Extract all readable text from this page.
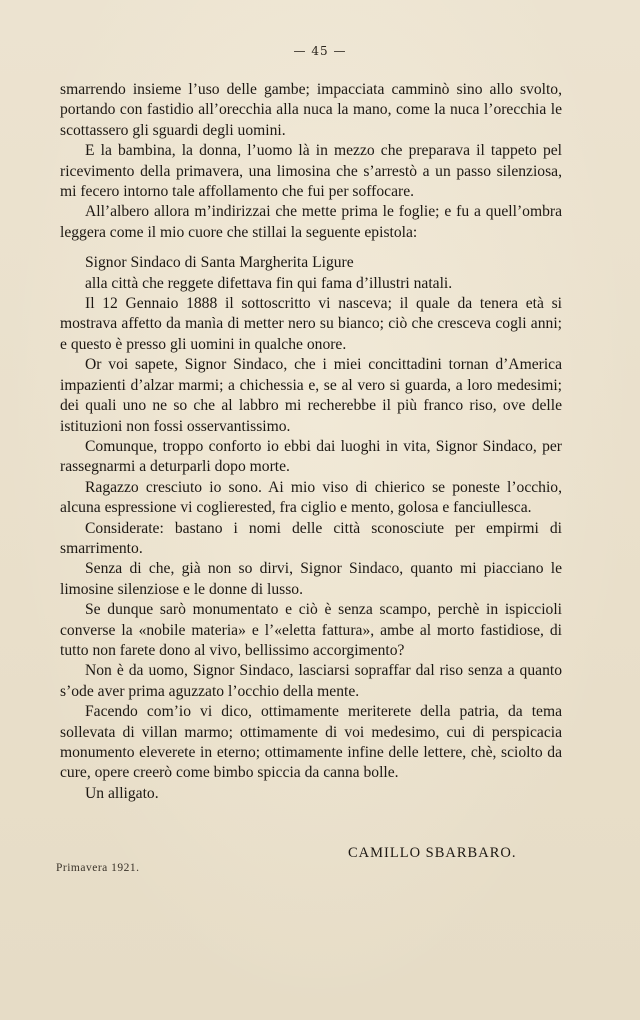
— 45 —

smarrendo insieme l’uso delle gambe; impacciata camminò sino allo svolto, portando con fastidio all’orecchia alla nuca la mano, come la nuca l’orecchia le scottassero gli sguardi degli uomini.

E la bambina, la donna, l’uomo là in mezzo che preparava il tappeto pel ricevimento della primavera, una limosina che s’arrestò a un passo silenziosa, mi fecero intorno tale affollamento che fui per soffocare.

All’albero allora m’indirizzai che mette prima le foglie; e fu a quell’ombra leggera come il mio cuore che stillai la seguente epistola:

Signor Sindaco di Santa Margherita Ligure

alla città che reggete difettava fin qui fama d’illustri natali.

Il 12 Gennaio 1888 il sottoscritto vi nasceva; il quale da tenera età si mostrava affetto da manìa di metter nero su bianco; ciò che cresceva cogli anni; e questo è presso gli uomini in qualche onore.

Or voi sapete, Signor Sindaco, che i miei concittadini tornan d’America impazienti d’alzar marmi; a chichessia e, se al vero si guarda, a loro medesimi; dei quali uno ne so che al labbro mi recherebbe il più franco riso, ove delle istituzioni non fossi osservantissimo.

Comunque, troppo conforto io ebbi dai luoghi in vita, Signor Sindaco, per rassegnarmi a deturparli dopo morte.

Ragazzo cresciuto io sono. Ai mio viso di chierico se poneste l’occhio, alcuna espressione vi coglierested, fra ciglio e mento, golosa e fanciullesca.

Considerate: bastano i nomi delle città sconosciute per empirmi di smarrimento.

Senza di che, già non so dirvi, Signor Sindaco, quanto mi piacciano le limosine silenziose e le donne di lusso.

Se dunque sarò monumentato e ciò è senza scampo, perchè in ispiccioli converse la «nobile materia» e l’«eletta fattura», ambe al morto fastidiose, di tutto non farete dono al vivo, bellissimo accorgimento?

Non è da uomo, Signor Sindaco, lasciarsi sopraffar dal riso senza a quanto s’ode aver prima aguzzato l’occhio della mente.

Facendo com’io vi dico, ottimamente meriterete della patria, da tema sollevata di villan marmo; ottimamente di voi medesimo, cui di perspicacia monumento eleverete in eterno; ottimamente infine delle lettere, chè, sciolto da cure, opere creerò come bimbo spiccia da canna bolle.

Un alligato.

CAMILLO SBARBARO.
Primavera 1921.
